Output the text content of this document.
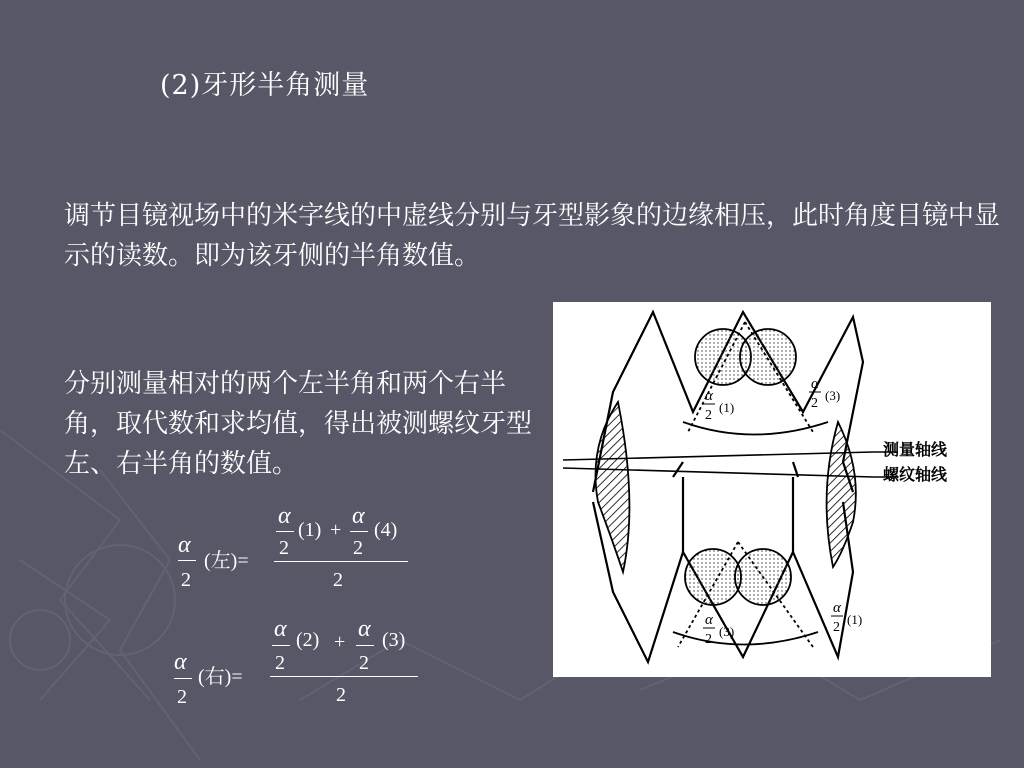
(2)牙形半角测量
调节目镜视场中的米字线的中虚线分别与牙型影象的边缘相压，此时角度目镜中显示的读数。即为该牙侧的半角数值。
分别测量相对的两个左半角和两个右半角，取代数和求均值，得出被测螺纹牙型左、右半角的数值。
α
2
(左)=
α
2
(1) +
α
2
(4)
2
α
2
(右)=
α
2
(2) + α
2
(3)
2
测量轴线
螺纹轴线
α
2
(1)
α
2
(3)
α
2
(3)
α
2
(1)
